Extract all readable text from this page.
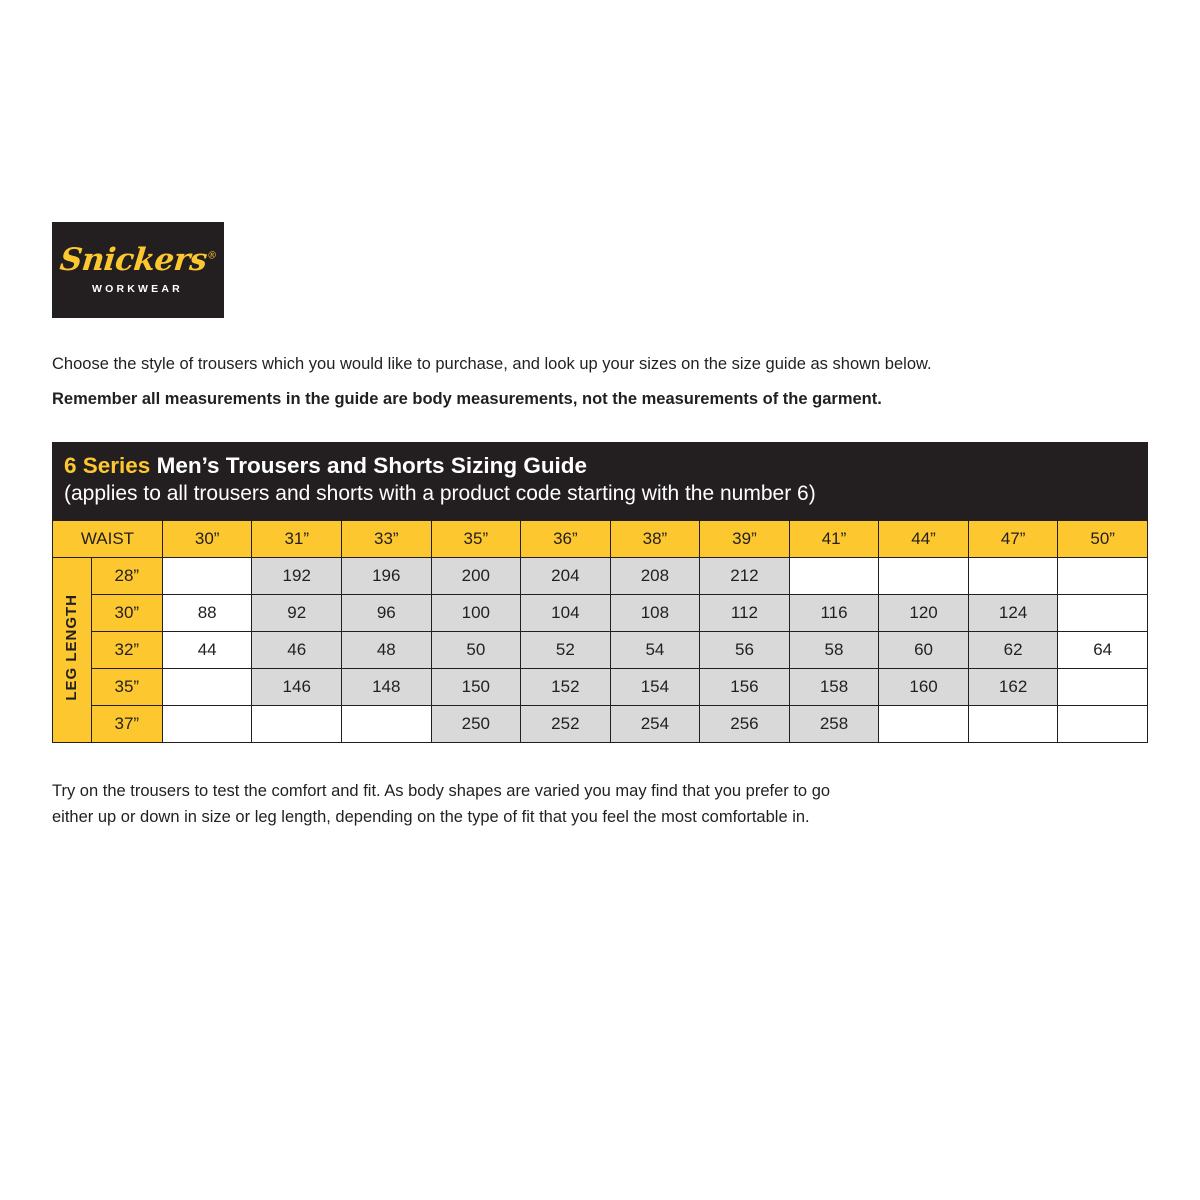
Snickers®
WORKWEAR
Choose the style of trousers which you would like to purchase, and look up your sizes on the size guide as shown below.
Remember all measurements in the guide are body measurements, not the measurements of the garment.
6 Series Men’s Trousers and Shorts Sizing Guide
(applies to all trousers and shorts with a product code starting with the number 6)
WAIST		30”	31”	33”	35”	36”	38”	39”	41”	44”	47”	50”
LEG LENGTH	28”		192	196	200	204	208	212				
	30”	88	92	96	100	104	108	112	116	120	124	
	32”	44	46	48	50	52	54	56	58	60	62	64
	35”		146	148	150	152	154	156	158	160	162	
	37”				250	252	254	256	258			
Try on the trousers to test the comfort and fit. As body shapes are varied you may find that you prefer to go
either up or down in size or leg length, depending on the type of fit that you feel the most comfortable in.
